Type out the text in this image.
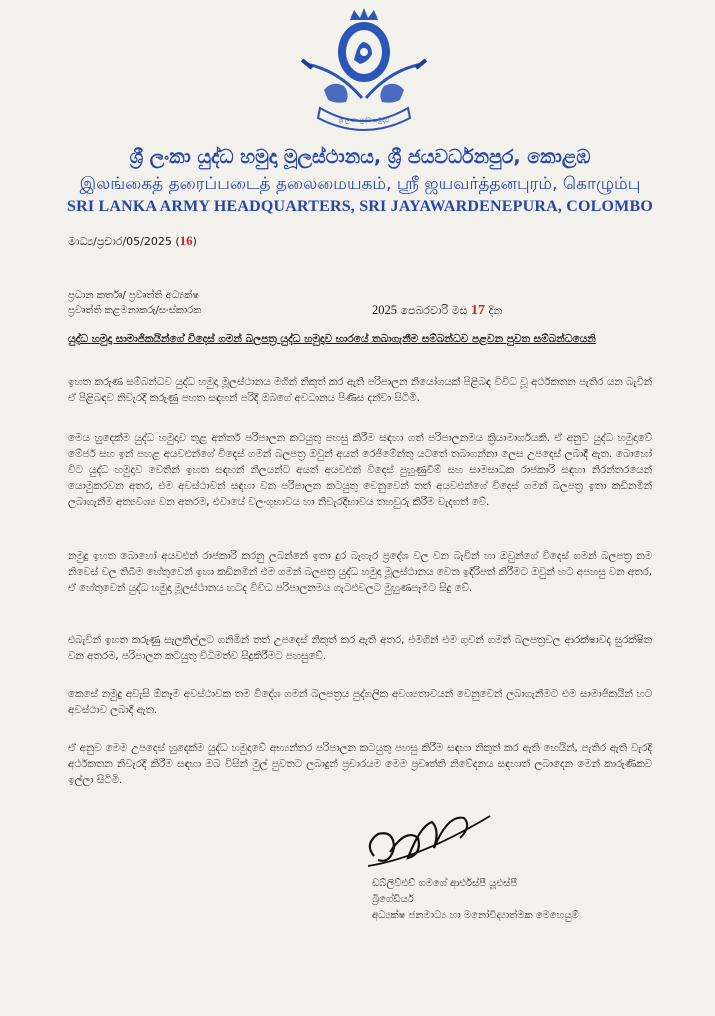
ශ්‍රී ලංකා යුද්ධ හමුදාව
ශ්‍රී ලංකා යුද්ධ හමුදා මූලස්ථානය, ශ්‍රී ජයවර්ධනපුර, කොළඹ
இலங்கைத் தரைப்படைத் தலைமையகம், ஸ்ரீ ஜயவர்த்தனபுரம், கொழும்பு
SRI LANKA ARMY HEADQUARTERS, SRI JAYAWARDENEPURA, COLOMBO
මාධ්‍ය/ප්‍රචාර/05/2025 (16)
ප්‍රධාන කර්තෘ/ ප්‍රවෘත්ති අධ්‍යක්ෂ
ප්‍රවෘත්ති කළමනාකරු/සංස්කාරක	2025 පෙබරවාරි මස 17 දින
යුද්ධ හමුදා සාමාජිකයින්ගේ විදෙස් ගමන් බලපත්‍ර යුද්ධ හමුදාව භාරයේ තබාගැනීම සම්බන්ධව පළවන පුවත සම්බන්ධයෙනි
ඉහත කරුණ සම්බන්ධව යුද්ධ හමුදා මූලස්ථානය මගින් නිකුත් කර ඇති පරිපාලන නියෝගයක් පිළිබඳ විවිධ වූ අර්ථකතන පැතිර යන බැවින් ඒ පිළිබඳව නිවැරදි කරුණු පහත සඳහන් පරිදි ඔබගේ අවධානය පිණිස දන්වා සිටිමි.
මෙය හුදෙක්ම යුද්ධ හමුදාව තුළ අන්තර් පරිපාලන කටයුතු පහසු කිරීම සඳහා ගත් පරිපාලනමය ක්‍රියාමාර්ගයකි. ඒ අනුව යුද්ධ හමුදාවේ මේජර් සහ ඉන් පහළ අයවළුන්ගේ විදෙස් ගමන් බලපත්‍ර ඔවුන් අයත් රෙජිමේන්තු යටතේ තබාගන්නා ලෙස උපදෙස් ලබාදී ඇත. බොහෝ විට යුද්ධ හමුදාව වෙතින් ඉහත සඳහන් නිලයන්ට අයත් අයවළුන් විදෙස් පුහුණුවීම් සහ සාමසාධක රාජකාරි සඳහා නිරන්තරයෙන් යොමුකරවන අතර, එම අවස්ථාවන් සඳහා වන පරිපාලන කටයුතු වෙනුවෙන් තත් අයවළුන්ගේ විදෙස් ගමන් බලපත්‍ර ඉතා කඩිනමින් ලබාගැනීම අත්‍යවශ්‍ය වන අතරම, එවායේ වලංගුභාවය හා නිවැරදිභාවය තහවුරු කිරීම වැදගත් වේ.
නමුදු ඉහත බොහෝ අයවළුන් රාජකාරි කරනු ලබන්නේ ඉතා දුර බැහැර ප්‍රදේශ වල වන බැවින් හා ඔවුන්ගේ විදෙස් ගමන් බලපත්‍ර නම නිවෙස් වල තිබීම හේතුවෙන් ඉහා කඩිනමින් එම ගමන් බලපත්‍ර යුද්ධ හමුදා මූලස්ථානය වෙත ඉදිරිපත් කිරීමට ඔවුන් හට අපහසු වන අතර, ඒ හේතුවෙන් යුද්ධ හමුදා මූලස්ථානය හටද විවිධ පරිපාලනමය ගැටළුවලට මුහුණපෑමට සිදු වේ.
එබැවින් ඉහත කරුණු සැලකිල්ලට ගනිමින් තත් උපදෙස් නිකුත් කර ඇති අතර, එමගින් එම ගුවන් ගමන් බලපත්‍රවල ආරක්ෂාවද සුරක්ෂිත වන අතරම, පරිපාලන කටයුතු විධිමත්ව සිදුකිරීමට පහසුවේ.
කෙසේ නමුදු අවැසි ඕනෑම අවස්ථාවක තම විදේශ ගමන් බලපත්‍රය පුද්ගලික අවශ්‍යතාවයන් වෙනුවෙන් ලබාගැනීමට එම සාමාජිකයින් හට අවස්ථාව ලබාදී ඇත.
ඒ අනුව මෙම උපදෙස් හුදෙක්ම යුද්ධ හමුදාවේ අභ්‍යන්තර පරිපාලන කටයුතු පහසු කිරීම සඳහා නිකුත් කර ඇති හෙයින්, පැතිර ඇති වැරදි අර්ථකතන නිවැරදි කිරීම සඳහා ඔබ විසින් මුල් පුවතට ලබාදුන් ප්‍රචාරයම මෙම ප්‍රවෘත්ති නිවේදනය සඳහාත් ලබාදෙන මෙන් කාරුණිකව ඉල්ලා සිටිමි.
ඩබ්ලිව්එච් ගමගේ ආර්එස්පී යූඑස්පී
බ්‍රිගේඩියර්
අධ්‍යක්ෂ ජනමාධ්‍ය හා මනෝවිද්‍යාත්මක මෙහෙයුම්
